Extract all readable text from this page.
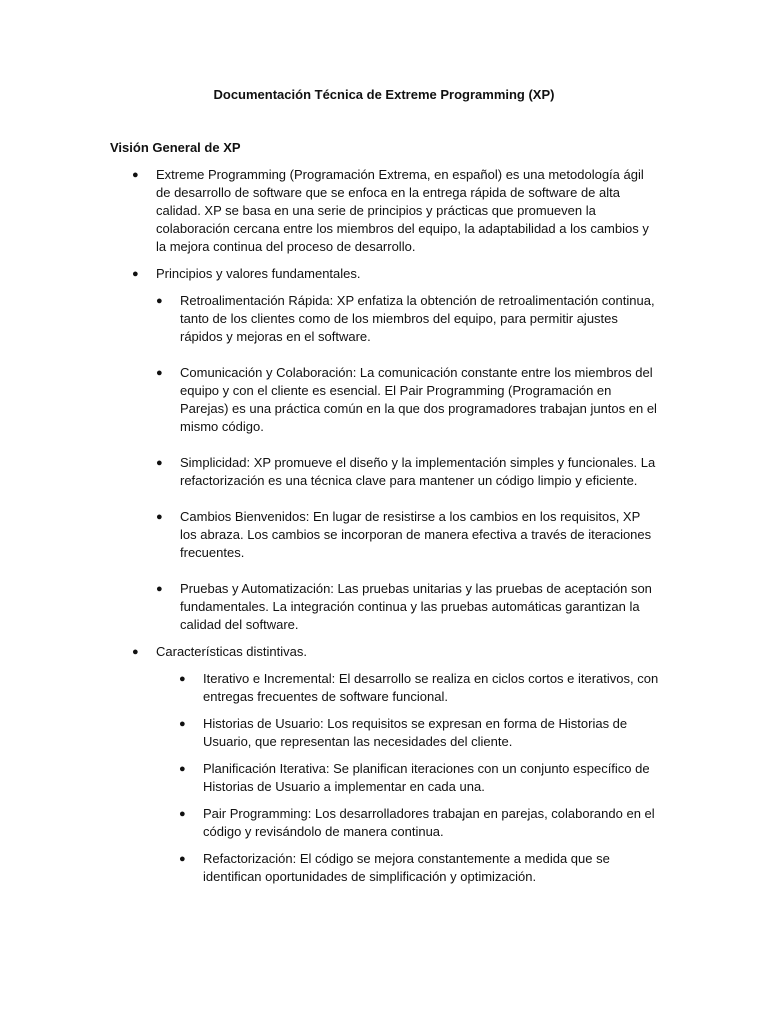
Documentación Técnica de Extreme Programming (XP)
Visión General de XP
● Extreme Programming (Programación Extrema, en español) es una metodología ágil de desarrollo de software que se enfoca en la entrega rápida de software de alta calidad. XP se basa en una serie de principios y prácticas que promueven la colaboración cercana entre los miembros del equipo, la adaptabilidad a los cambios y la mejora continua del proceso de desarrollo.
● Principios y valores fundamentales.
● Retroalimentación Rápida: XP enfatiza la obtención de retroalimentación continua, tanto de los clientes como de los miembros del equipo, para permitir ajustes rápidos y mejoras en el software.
● Comunicación y Colaboración: La comunicación constante entre los miembros del equipo y con el cliente es esencial. El Pair Programming (Programación en Parejas) es una práctica común en la que dos programadores trabajan juntos en el mismo código.
● Simplicidad: XP promueve el diseño y la implementación simples y funcionales. La refactorización es una técnica clave para mantener un código limpio y eficiente.
● Cambios Bienvenidos: En lugar de resistirse a los cambios en los requisitos, XP los abraza. Los cambios se incorporan de manera efectiva a través de iteraciones frecuentes.
● Pruebas y Automatización: Las pruebas unitarias y las pruebas de aceptación son fundamentales. La integración continua y las pruebas automáticas garantizan la calidad del software.
● Características distintivas.
● Iterativo e Incremental: El desarrollo se realiza en ciclos cortos e iterativos, con entregas frecuentes de software funcional.
● Historias de Usuario: Los requisitos se expresan en forma de Historias de Usuario, que representan las necesidades del cliente.
● Planificación Iterativa: Se planifican iteraciones con un conjunto específico de Historias de Usuario a implementar en cada una.
● Pair Programming: Los desarrolladores trabajan en parejas, colaborando en el código y revisándolo de manera continua.
● Refactorización: El código se mejora constantemente a medida que se identifican oportunidades de simplificación y optimización.
